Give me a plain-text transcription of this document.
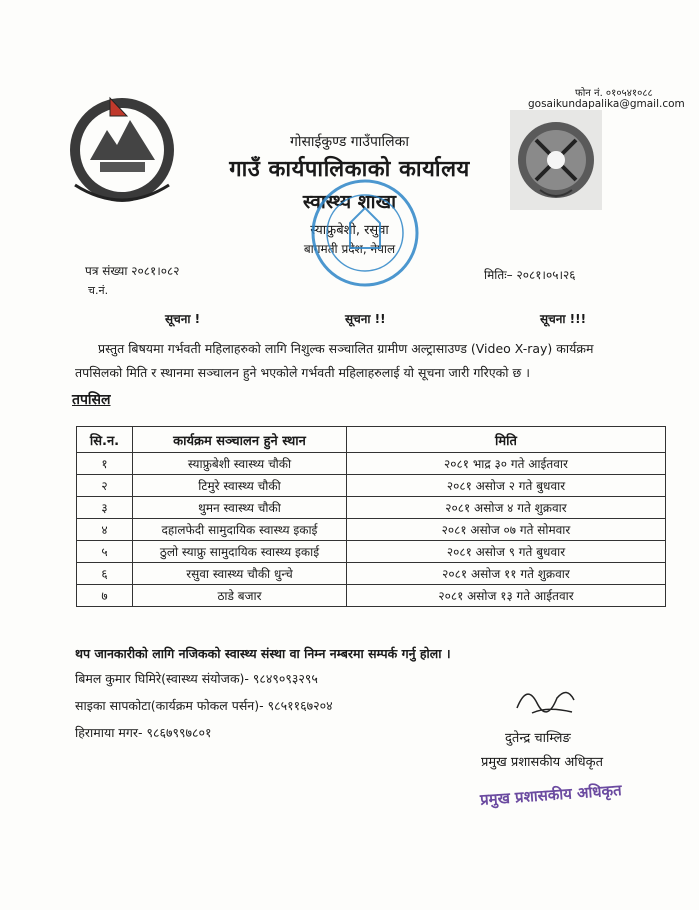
फोन नं. ०१०५४१०८८
gosaikundapalika@gmail.com
गोसाईकुण्ड गाउँपालिका
गाउँ कार्यपालिकाको कार्यालय
स्वास्थ्य शाखा
स्याफ्रुबेशी, रसुवा
बागमती प्रदेश, नेपाल
पत्र संख्या २०८१।०८२	मितिः– २०८१।०५।२६
च.नं.
सूचना !	सूचना !!	सूचना !!!
प्रस्तुत बिषयमा गर्भवती महिलाहरुको लागि निशुल्क सञ्चालित ग्रामीण अल्ट्रासाउण्ड (Video X-ray) कार्यक्रम
तपसिलको मिति र स्थानमा सञ्चालन हुने भएकोले गर्भवती महिलाहरुलाई यो सूचना जारी गरिएको छ ।
तपसिल
सि.न.	कार्यक्रम सञ्चालन हुने स्थान	मिति
१	स्याफ्रुबेशी स्वास्थ्य चौकी	२०८१ भाद्र ३० गते आईतवार
२	टिमुरे स्वास्थ्य चौकी	२०८१ असोज २ गते बुधवार
३	थुमन स्वास्थ्य चौकी	२०८१ असोज ४ गते शुक्रवार
४	दहालफेदी सामुदायिक स्वास्थ्य इकाई	२०८१ असोज ०७ गते सोमवार
५	ठुलो स्याफ्रु सामुदायिक स्वास्थ्य इकाई	२०८१ असोज ९ गते बुधवार
६	रसुवा स्वास्थ्य चौकी धुन्चे	२०८१ असोज ११ गते शुक्रवार
७	ठाडे बजार	२०८१ असोज १३ गते आईतवार
थप जानकारीको लागि नजिकको स्वास्थ्य संस्था वा निम्न नम्बरमा सम्पर्क गर्नु होला ।
बिमल कुमार घिमिरे(स्वास्थ्य संयोजक)- ९८४९०९३२९५
साइका सापकोटा(कार्यक्रम फोकल पर्सन)- ९८५११६७२०४
हिरामाया मगर- ९८६७९९७८०१	दुतेन्द्र चाम्लिङ
प्रमुख प्रशासकीय अधिकृत
प्रमुख प्रशासकीय अधिकृत
